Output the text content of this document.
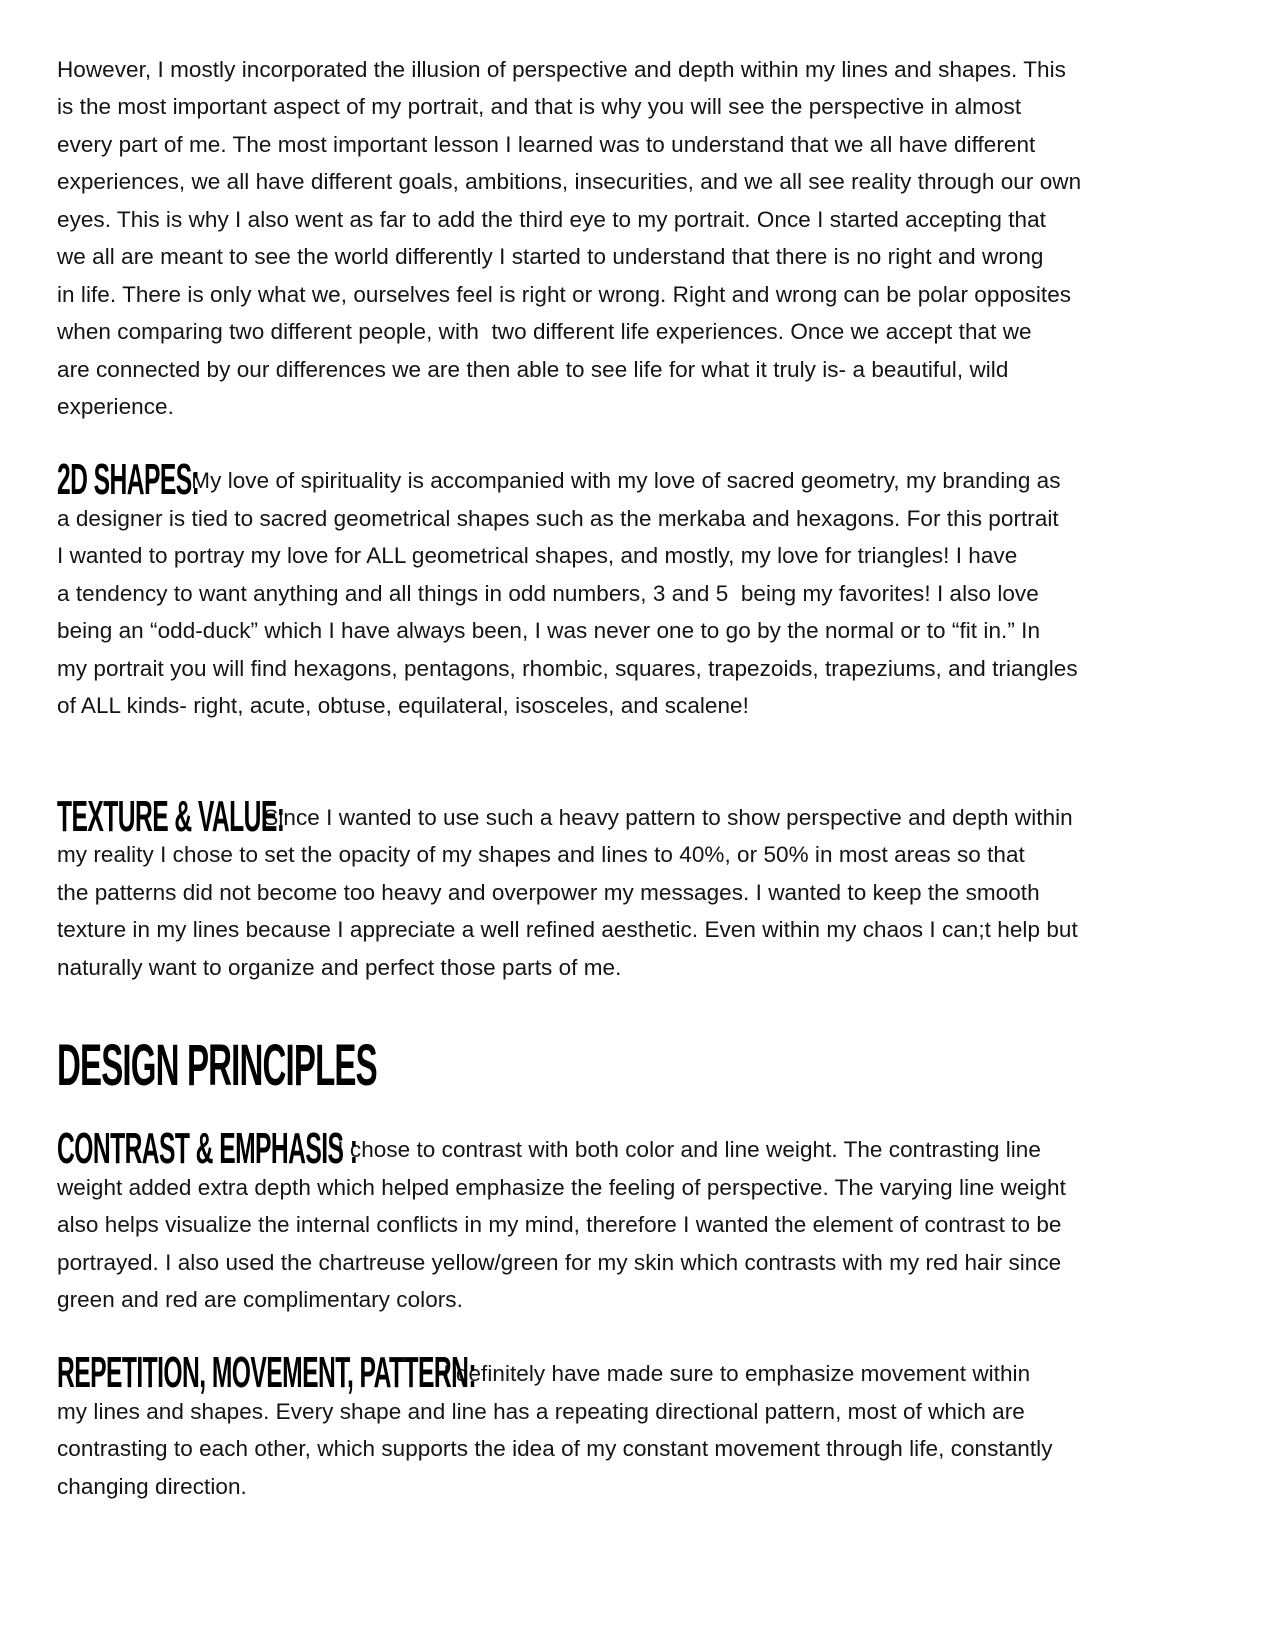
However, I mostly incorporated the illusion of perspective and depth within my lines and shapes. This
is the most important aspect of my portrait, and that is why you will see the perspective in almost
every part of me. The most important lesson I learned was to understand that we all have different
experiences, we all have different goals, ambitions, insecurities, and we all see reality through our own
eyes. This is why I also went as far to add the third eye to my portrait. Once I started accepting that
we all are meant to see the world differently I started to understand that there is no right and wrong
in life. There is only what we, ourselves feel is right or wrong. Right and wrong can be polar opposites
when comparing two different people, with  two different life experiences. Once we accept that we
are connected by our differences we are then able to see life for what it truly is- a beautiful, wild
experience.

2D SHAPES:

My love of spirituality is accompanied with my love of sacred geometry, my branding as
a designer is tied to sacred geometrical shapes such as the merkaba and hexagons. For this portrait
I wanted to portray my love for ALL geometrical shapes, and mostly, my love for triangles! I have
a tendency to want anything and all things in odd numbers, 3 and 5  being my favorites! I also love
being an “odd-duck” which I have always been, I was never one to go by the normal or to “fit in.” In
my portrait you will find hexagons, pentagons, rhombic, squares, trapezoids, trapeziums, and triangles
of ALL kinds- right, acute, obtuse, equilateral, isosceles, and scalene!

TEXTURE & VALUE:

Since I wanted to use such a heavy pattern to show perspective and depth within
my reality I chose to set the opacity of my shapes and lines to 40%, or 50% in most areas so that
the patterns did not become too heavy and overpower my messages. I wanted to keep the smooth
texture in my lines because I appreciate a well refined aesthetic. Even within my chaos I can;t help but
naturally want to organize and perfect those parts of me.
DESIGN PRINCIPLES

CONTRAST & EMPHASIS :

I chose to contrast with both color and line weight. The contrasting line
weight added extra depth which helped emphasize the feeling of perspective. The varying line weight
also helps visualize the internal conflicts in my mind, therefore I wanted the element of contrast to be
portrayed. I also used the chartreuse yellow/green for my skin which contrasts with my red hair since
green and red are complimentary colors.

REPETITION, MOVEMENT, PATTERN:

I definitely have made sure to emphasize movement within
my lines and shapes. Every shape and line has a repeating directional pattern, most of which are
contrasting to each other, which supports the idea of my constant movement through life, constantly
changing direction.
